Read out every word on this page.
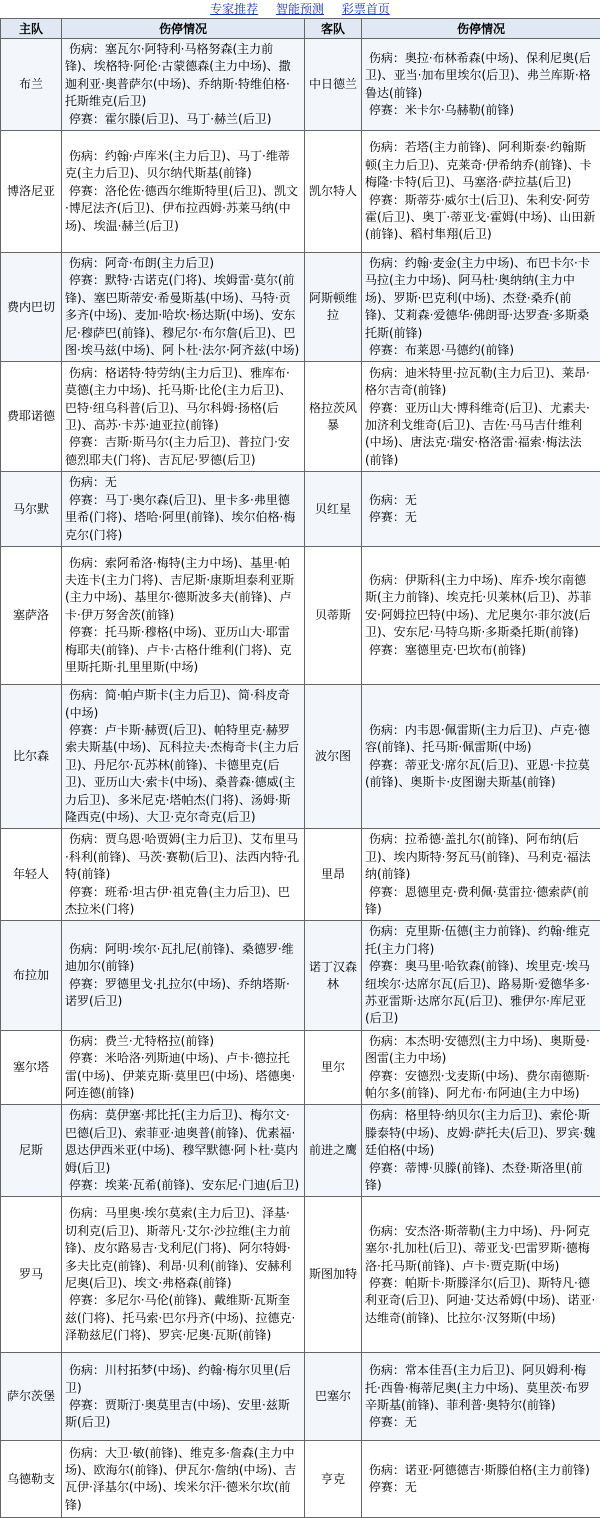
专家推荐 智能预测 彩票首页
主队	伤停情况	客队	伤停情况
布兰	伤病：塞瓦尔·阿特利·马格努森(主力前锋)、埃格特·阿伦·古蒙德森(主力中场)、撒迦利亚·奥普萨尔(中场)、乔纳斯·特维伯格·托斯维克(后卫)
停赛：霍尔滕(后卫)、马丁·赫兰(后卫)	中日德兰	伤病：奥拉·布林希森(中场)、保利尼奥(后卫)、亚当·加布里埃尔(后卫)、弗兰库斯·格鲁达(前锋)
停赛：米卡尔·乌赫勒(前锋)

博洛尼亚	伤病：约翰·卢库米(主力后卫)、马丁·维蒂克(主力后卫)、贝尔纳代斯基(前锋)
停赛：洛伦佐·德西尔维斯特里(后卫)、凯文·博尼法齐(后卫)、伊布拉西姆·苏莱马纳(中场)、埃温·赫兰(后卫)	凯尔特人	伤病：若塔(主力前锋)、阿利斯泰·约翰斯顿(主力后卫)、克莱奇·伊希纳乔(前锋)、卡梅隆·卡特(后卫)、马塞洛·萨拉基(后卫)
停赛：斯蒂芬·威尔士(后卫)、朱利安·阿劳霍(后卫)、奥丁·蒂亚戈·霍姆(中场)、山田新(前锋)、稻村隼翔(后卫)

费内巴切	伤病：阿奇·布朗(主力后卫)
停赛：默特·古诺克(门将)、埃姆雷·莫尔(前锋)、塞巴斯蒂安·希曼斯基(中场)、马特·贡多齐(中场)、麦加·哈坎·杨达斯(中场)、安东尼·穆萨巴(前锋)、穆尼尔·布尔詹(后卫)、巴图·埃马兹(中场)、阿卜杜·法尔·阿齐兹(中场)	阿斯顿维拉	伤病：约翰·麦金(主力中场)、布巴卡尔·卡马拉(主力中场)、阿马杜·奥纳纳(主力中场)、罗斯·巴克利(中场)、杰登·桑乔(前锋)、艾莉森·爱德华·佛朗哥·达罗查·多斯桑托斯(前锋)
停赛：布莱恩·马德约(前锋)

费耶诺德	伤病：格诺特·特劳纳(主力后卫)、雅库布·莫德(主力中场)、托马斯·比伦(主力后卫)、巴特·纽乌科普(后卫)、马尔科姆·扬格(后卫)、高苏·卡苏·迪亚拉(前锋)
停赛：吉斯·斯马尔(主力后卫)、普拉门·安德烈耶夫(门将)、吉瓦尼·罗德(后卫)	格拉茨风暴	伤病：迪米特里·拉瓦勒(主力后卫)、莱昂·格尔吉奇(前锋)
停赛：亚历山大·博科维奇(后卫)、尤素夫·加济利戈维奇(后卫)、吉佐·马马吉什维利(中场)、唐法克·瑞安·格洛雷·福索·梅法法(前锋)

马尔默	伤病：无
停赛：马丁·奥尔森(后卫)、里卡多·弗里德里希(门将)、塔哈·阿里(前锋)、埃尔伯格·梅克尔(门将)	贝红星	伤病：无
停赛：无

塞萨洛	伤病：索阿希洛·梅特(主力中场)、基里·帕夫连卡(主力门将)、吉尼斯·康斯坦泰利亚斯(主力中场)、基里尔·德斯波多夫(前锋)、卢卡·伊万努舍茨(前锋)
停赛：托马斯·穆格(中场)、亚历山大·耶雷梅耶夫(前锋)、卢卡·古格什维利(门将)、克里斯托斯·扎里里斯(中场)	贝蒂斯	伤病：伊斯科(主力中场)、库乔·埃尔南德斯(主力前锋)、埃克托·贝莱林(后卫)、苏菲安·阿姆拉巴特(中场)、尤尼奥尔·菲尔波(后卫)、安东尼·马特乌斯·多斯桑托斯(前锋)
停赛：塞德里克·巴坎布(前锋)

比尔森	伤病：简·帕卢斯卡(主力后卫)、简·科皮奇(中场)
停赛：卢卡斯·赫贾(后卫)、帕特里克·赫罗索夫斯基(中场)、瓦科拉夫·杰梅奇卡(主力后卫)、丹尼尔·瓦苏林(前锋)、卡德里克(后卫)、亚历山大·索卡(中场)、桑普森·德威(主力后卫)、多米尼克·塔帕杰(门将)、汤姆·斯隆西克(中场)、大卫·克尔奇克(后卫)	波尔图	伤病：内韦恩·佩雷斯(主力后卫)、卢克·德容(前锋)、托马斯·佩雷斯(中场)
停赛：蒂亚戈·席尔瓦(后卫)、亚恩·卡拉莫(前锋)、奥斯卡·皮图谢夫斯基(前锋)

年轻人	伤病：贾乌恩·哈贾姆(主力后卫)、艾布里马·科利(前锋)、马茨·赛勒(后卫)、法西内特·孔特(前锋)
停赛：班希·坦古伊·祖克鲁(主力后卫)、巴杰拉米(门将)	里昂	伤病：拉希德·盖扎尔(前锋)、阿布纳(后卫)、埃内斯特·努瓦马(前锋)、马利克·福法纳(前锋)
停赛：恩德里克·费利佩·莫雷拉·德索萨(前锋)

布拉加	伤病：阿明·埃尔·瓦扎尼(前锋)、桑德罗·维迪加尔(前锋)
停赛：罗德里戈·扎拉尔(中场)、乔纳塔斯·诺罗(后卫)	诺丁汉森林	伤病：克里斯·伍德(主力前锋)、约翰·维克托(主力门将)
停赛：奥马里·哈钦森(前锋)、埃里克·埃马纽埃尔·达席尔瓦(后卫)、路易斯·爱德华多·苏亚雷斯·达席尔瓦(后卫)、雅伊尔·库尼亚(后卫)

塞尔塔	伤病：费兰·尤特格拉(前锋)
停赛：米哈洛·列斯迪(中场)、卢卡·德拉托雷(中场)、伊莱克斯·莫里巴(中场)、塔德奥·阿连德(前锋)	里尔	伤病：本杰明·安德烈(主力中场)、奥斯曼·图雷(主力中场)
停赛：安德烈·戈麦斯(中场)、费尔南德斯·帕尔多(前锋)、阿尤布·布阿迪(主力中场)

尼斯	伤病：莫伊塞·邦比托(主力后卫)、梅尔文·巴德(后卫)、索菲亚·迪奥普(前锋)、优素福·恩达伊西米亚(中场)、穆罕默德·阿卜杜·莫内姆(后卫)
停赛：埃莱·瓦希(前锋)、安东尼·门迪(后卫)	前进之鹰	伤病：格里特·纳贝尔(主力后卫)、索伦·斯滕泰特(中场)、皮姆·萨托夫(后卫)、罗宾·魏廷伯格(中场)
停赛：蒂博·贝滕(前锋)、杰登·斯洛里(前锋)

罗马	伤病：马里奥·埃尔莫索(主力后卫)、泽基·切利克(后卫)、斯蒂凡·艾尔·沙拉维(主力前锋)、皮尔路易吉·戈利尼(门将)、阿尔特姆·多夫比克(前锋)、利昂·贝利(前锋)、安赫利尼奥(后卫)、埃文·弗格森(前锋)
停赛：多尼尔·马伦(前锋)、戴维斯·瓦斯奎兹(门将)、托马索·巴尔丹齐(中场)、拉德克·泽勒兹尼(门将)、罗宾·尼奥·瓦斯(前锋)	斯图加特	伤病：安杰洛·斯蒂勒(主力中场)、丹·阿克塞尔·扎加杜(后卫)、蒂亚戈·巴雷罗斯·德梅洛·托马斯(前锋)、卢卡·贾克斯(中场)
停赛：帕斯卡·斯滕泽尔(后卫)、斯特凡·德利亚奇(后卫)、阿迪·艾达希姆(中场)、诺亚·达维奇(前锋)、比拉尔·汉努斯(中场)

萨尔茨堡	伤病：川村拓梦(中场)、约翰·梅尔贝里(后卫)
停赛：贾斯汀·奥莫里吉(中场)、安里·兹斯斯(后卫)	巴塞尔	伤病：常本佳吾(主力后卫)、阿贝姆利·梅托·西鲁·梅蒂尼奥(主力中场)、莫里茨·布罗辛斯基(前锋)、菲利普·奥特尔(前锋)
停赛：无

乌德勒支	伤病：大卫·敏(前锋)、维克多·詹森(主力中场)、欧海尔(前锋)、伊瓦尔·詹纳(中场)、吉瓦伊·泽基尔(中场)、埃米尔汗·德米尔坎(前锋)	亨克	伤病：诺亚·阿德德吉·斯滕伯格(主力前锋)
停赛：无
